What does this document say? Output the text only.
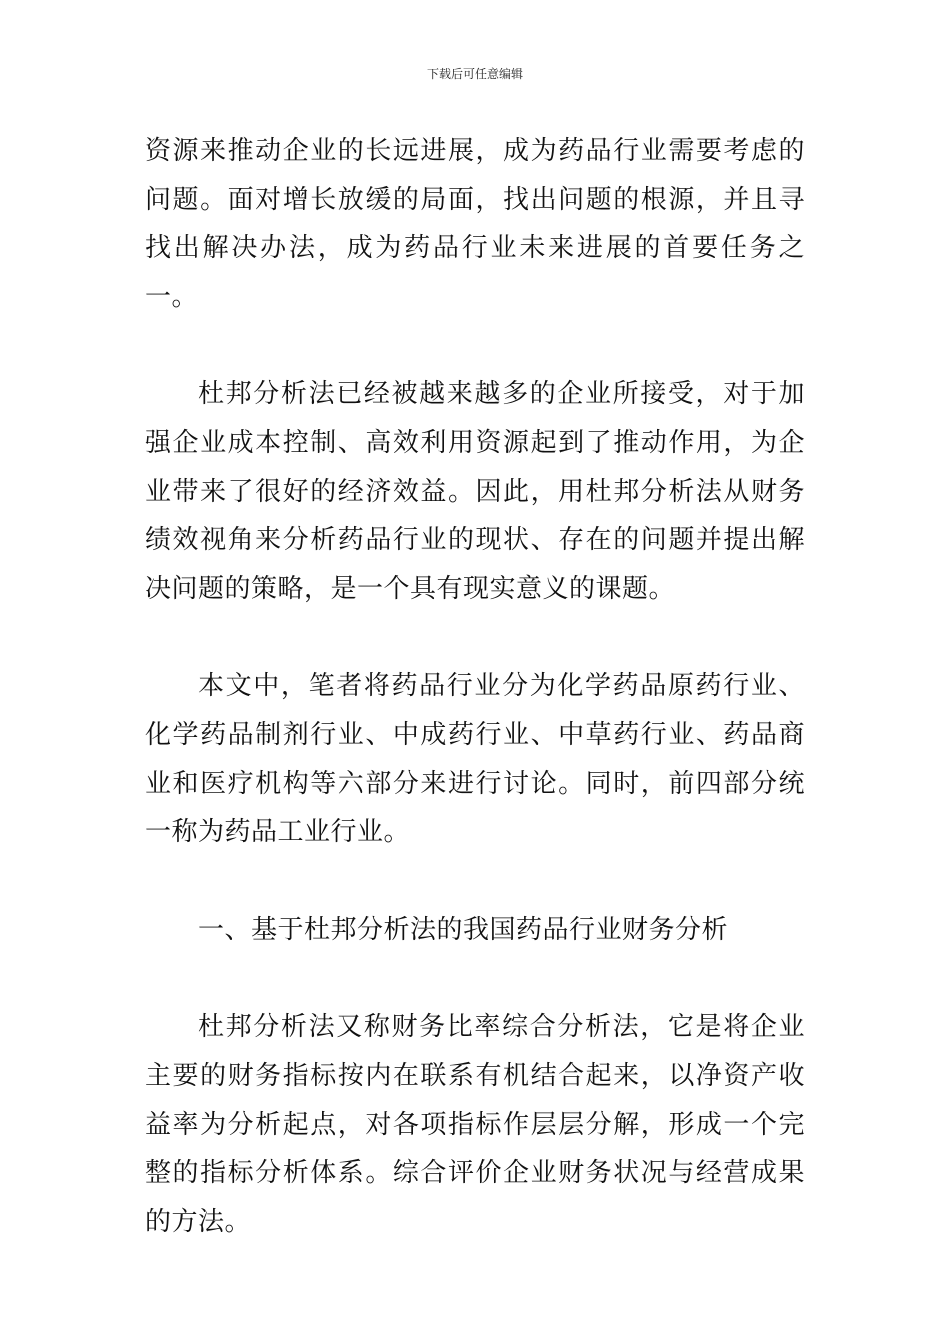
下载后可任意编辑

资源来推动企业的长远进展，成为药品行业需要考虑的问题。面对增长放缓的局面，找出问题的根源，并且寻找出解决办法，成为药品行业未来进展的首要任务之一。

杜邦分析法已经被越来越多的企业所接受，对于加强企业成本控制、高效利用资源起到了推动作用，为企业带来了很好的经济效益。因此，用杜邦分析法从财务绩效视角来分析药品行业的现状、存在的问题并提出解决问题的策略，是一个具有现实意义的课题。

本文中，笔者将药品行业分为化学药品原药行业、化学药品制剂行业、中成药行业、中草药行业、药品商业和医疗机构等六部分来进行讨论。同时，前四部分统一称为药品工业行业。

一、基于杜邦分析法的我国药品行业财务分析

杜邦分析法又称财务比率综合分析法，它是将企业主要的财务指标按内在联系有机结合起来，以净资产收益率为分析起点，对各项指标作层层分解，形成一个完整的指标分析体系。综合评价企业财务状况与经营成果的方法。
